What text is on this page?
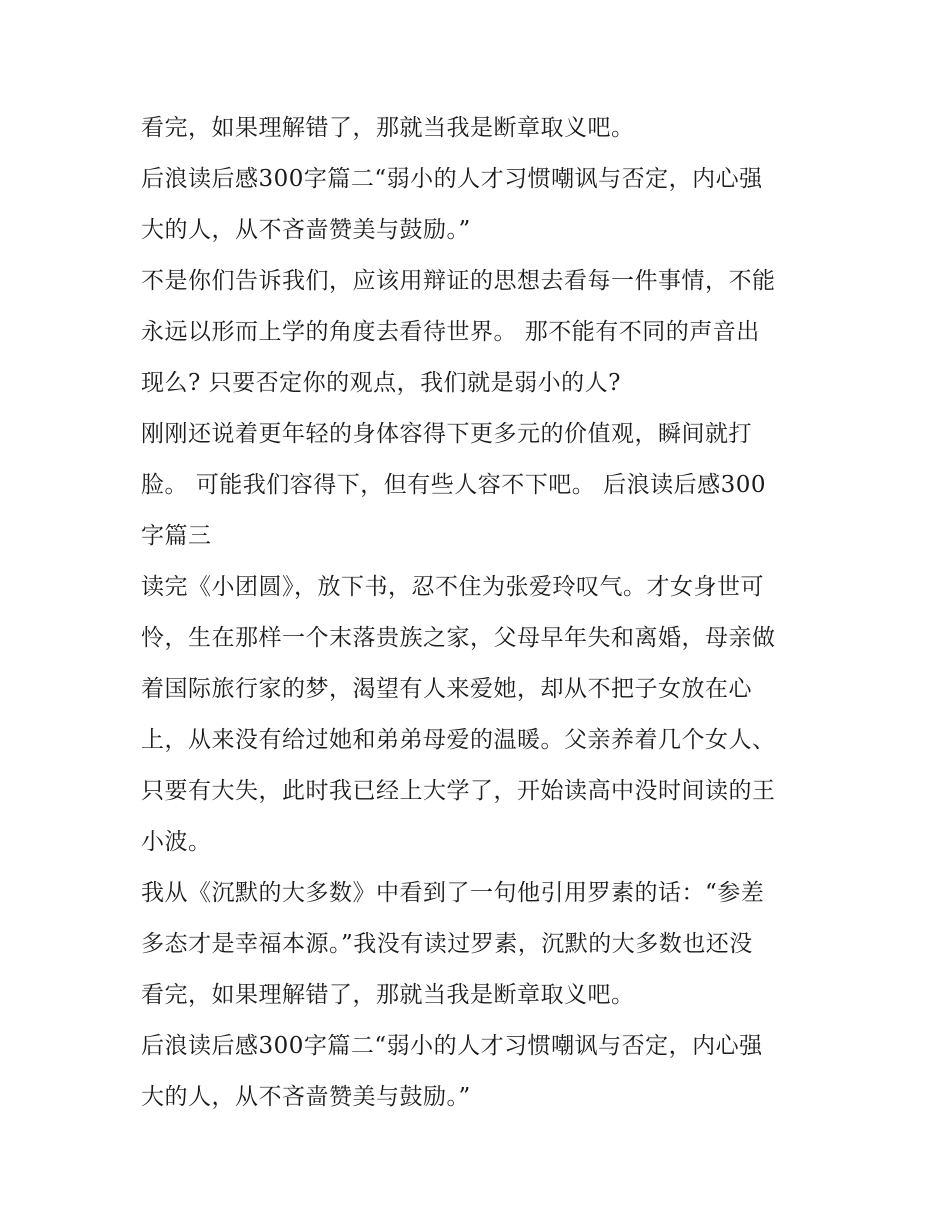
看完，如果理解错了，那就当我是断章取义吧。
后浪读后感300字篇二“弱小的人才习惯嘲讽与否定，内心强
大的人，从不吝啬赞美与鼓励。”
不是你们告诉我们，应该用辩证的思想去看每一件事情，不能
永远以形而上学的角度去看待世界。 那不能有不同的声音出
现么? 只要否定你的观点，我们就是弱小的人?
刚刚还说着更年轻的身体容得下更多元的价值观，瞬间就打
脸。 可能我们容得下，但有些人容不下吧。 后浪读后感300
字篇三
读完《小团圆》，放下书，忍不住为张爱玲叹气。才女身世可
怜，生在那样一个末落贵族之家，父母早年失和离婚，母亲做
着国际旅行家的梦，渴望有人来爱她，却从不把子女放在心
上，从来没有给过她和弟弟母爱的温暖。父亲养着几个女人、
只要有大失，此时我已经上大学了，开始读高中没时间读的王
小波。
我从《沉默的大多数》中看到了一句他引用罗素的话：“参差
多态才是幸福本源。”我没有读过罗素，沉默的大多数也还没
看完，如果理解错了，那就当我是断章取义吧。
后浪读后感300字篇二“弱小的人才习惯嘲讽与否定，内心强
大的人，从不吝啬赞美与鼓励。”
